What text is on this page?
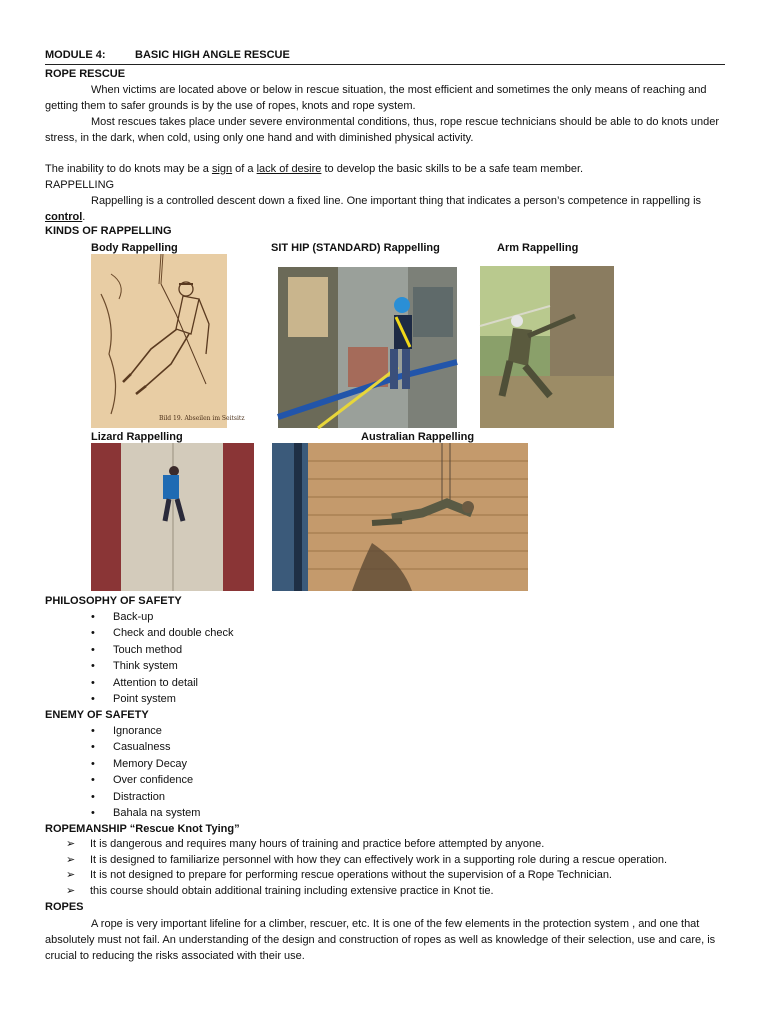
MODULE 4:	BASIC HIGH ANGLE RESCUE
ROPE RESCUE
When victims are located above or below in rescue situation, the most efficient and sometimes the only means of reaching and getting them to safer grounds is by the use of ropes, knots and rope system.
Most rescues takes place under severe environmental conditions, thus, rope rescue technicians should be able to do knots under stress, in the dark, when cold, using only one hand and with diminished physical activity.
The inability to do knots may be a sign of a lack of desire to develop the basic skills to be a safe team member.
RAPPELLING
Rappelling is a controlled descent down a fixed line. One important thing that indicates a person’s competence in rappelling is control.
KINDS OF RAPPELLING
Body Rappelling	SIT HIP (STANDARD) Rappelling	Arm Rappelling
Bild 19. Abseilen im Seitsitz
Lizard Rappelling	Australian Rappelling
PHILOSOPHY OF SAFETY
• Back-up
• Check and double check
• Touch method
• Think system
• Attention to detail
• Point system
ENEMY OF SAFETY
• Ignorance
• Casualness
• Memory Decay
• Over confidence
• Distraction
• Bahala na system
ROPEMANSHIP “Rescue Knot Tying”
➢ It is dangerous and requires many hours of training and practice before attempted by anyone.
➢ It is designed to familiarize personnel with how they can effectively work in a supporting role during a rescue operation.
➢ It is not designed to prepare for performing rescue operations without the supervision of a Rope Technician.
➢ this course should obtain additional training including extensive practice in Knot tie.
ROPES
A rope is very important lifeline for a climber, rescuer, etc. It is one of the few elements in the protection system , and one that absolutely must not fail. An understanding of the design and construction of ropes as well as knowledge of their selection, use and care, is crucial to reducing the risks associated with their use.
